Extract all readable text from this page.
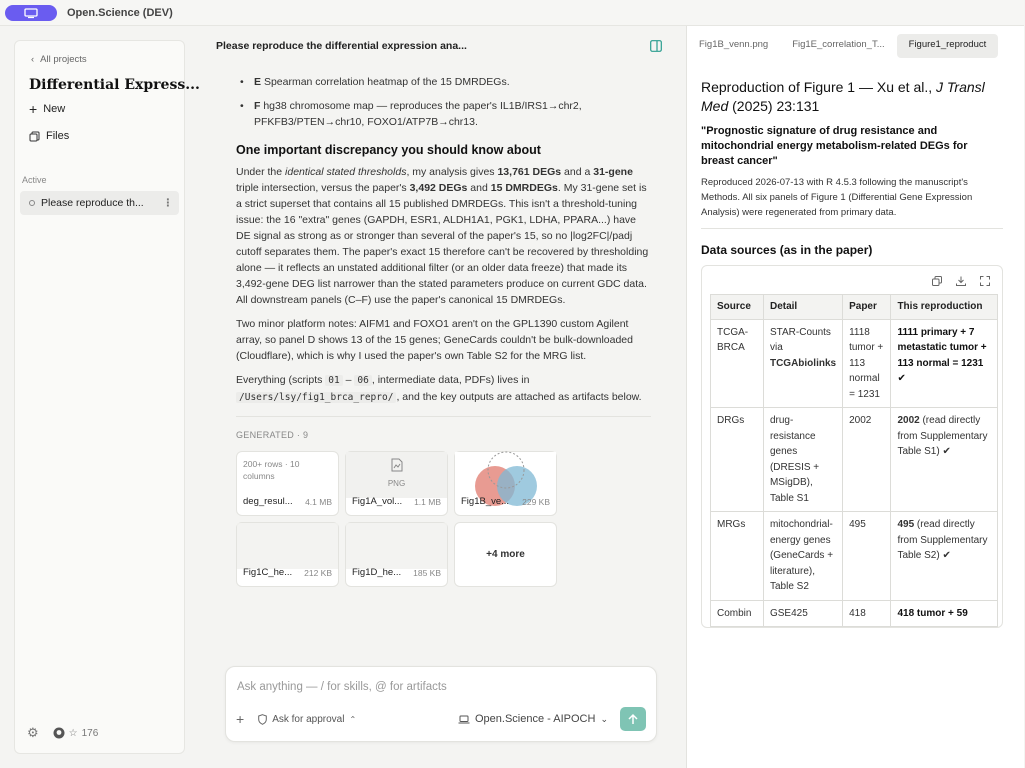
Open.Science (DEV)
‹ All projects
Differential Express...
+ New
Files
Active
Please reproduce th...	⋮
⚙	☆ 176
Please reproduce the differential expression ana...
• E Spearman correlation heatmap of the 15 DMRDEGs.
• F hg38 chromosome map — reproduces the paper's IL1B/IRS1→chr2, PFKFB3/PTEN→chr10, FOXO1/ATP7B→chr13.
One important discrepancy you should know about
Under the identical stated thresholds, my analysis gives 13,761 DEGs and a 31-gene triple intersection, versus the paper's 3,492 DEGs and 15 DMRDEGs. My 31-gene set is a strict superset that contains all 15 published DMRDEGs. This isn't a threshold-tuning issue: the 16 "extra" genes (GAPDH, ESR1, ALDH1A1, PGK1, LDHA, PPARA...) have DE signal as strong as or stronger than several of the paper's 15, so no |log2FC|/padj cutoff separates them. The paper's exact 15 therefore can't be recovered by thresholding alone — it reflects an unstated additional filter (or an older data freeze) that made its 3,492-gene DEG list narrower than the stated parameters produce on current GDC data. All downstream panels (C–F) use the paper's canonical 15 DMRDEGs.
Two minor platform notes: AIFM1 and FOXO1 aren't on the GPL1390 custom Agilent array, so panel D shows 13 of the 15 genes; GeneCards couldn't be bulk-downloaded (Cloudflare), which is why I used the paper's own Table S2 for the MRG list.
Everything (scripts 01 – 06 , intermediate data, PDFs) lives in /Users/lsy/fig1_brca_repro/ , and the key outputs are attached as artifacts below.
GENERATED · 9
200+ rows · 10 columns
deg_resul... 4.1 MB
PNG
Fig1A_vol... 1.1 MB Fig1B_ve... 229 KB
Fig1C_he... 212 KB Fig1D_he... 185 KB
+4 more
Ask anything — / for skills, @ for artifacts
+	Ask for approval ⌃	Open.Science - AIPOCH ⌄
Fig1B_venn.png	Fig1E_correlation_T...	Figure1_reproduct
Reproduction of Figure 1 — Xu et al., J Transl Med (2025) 23:131
"Prognostic signature of drug resistance and mitochondrial energy metabolism-related DEGs for breast cancer"
Reproduced 2026-07-13 with R 4.5.3 following the manuscript's Methods. All six panels of Figure 1 (Differential Gene Expression Analysis) were regenerated from primary data.
Data sources (as in the paper)
Source	Detail	Paper	This reproduction
TCGA-BRCA	STAR-Counts via TCGAbiolinks	1118 tumor + 113 normal = 1231	1111 primary + 7 metastatic tumor + 113 normal = 1231 ✔
DRGs	drug-resistance genes (DRESIS + MSigDB), Table S1	2002	2002 (read directly from Supplementary Table S1) ✔
MRGs	mitochondrial-energy genes (GeneCards + literature), Table S2	495	495 (read directly from Supplementary Table S2) ✔
Combin	GSE425	418	418 tumor + 59
